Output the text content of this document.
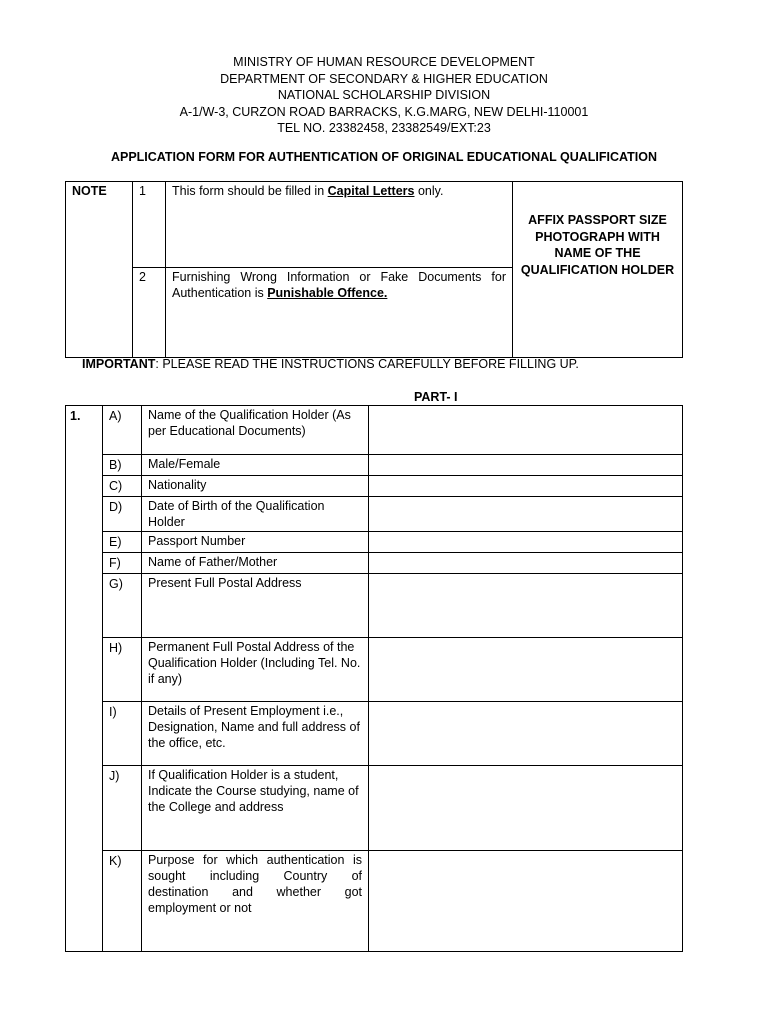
MINISTRY OF HUMAN RESOURCE DEVELOPMENT
DEPARTMENT OF SECONDARY & HIGHER EDUCATION
NATIONAL SCHOLARSHIP DIVISION
A-1/W-3, CURZON ROAD BARRACKS, K.G.MARG, NEW DELHI-110001
TEL NO. 23382458, 23382549/EXT:23
APPLICATION FORM FOR AUTHENTICATION OF ORIGINAL EDUCATIONAL QUALIFICATION
NOTE	1	This form should be filled in Capital Letters only.	AFFIX PASSPORT SIZE PHOTOGRAPH WITH NAME OF THE QUALIFICATION HOLDER
	2	Furnishing Wrong Information or Fake Documents for Authentication is Punishable Offence.	
IMPORTANT: PLEASE READ THE INSTRUCTIONS CAREFULLY BEFORE FILLING UP.
PART- I
1.	A)	Name of the Qualification Holder (As per Educational Documents)	
	B)	Male/Female	
	C)	Nationality	
	D)	Date of Birth of the Qualification Holder	
	E)	Passport Number	
	F)	Name of Father/Mother	
	G)	Present Full Postal Address	
	H)	Permanent Full Postal Address of the Qualification Holder (Including Tel. No. if any)	
	I)	Details of Present Employment i.e., Designation, Name and full address of the office, etc.	
	J)	If Qualification Holder is a student, Indicate the Course studying, name of the College and address	
	K)	Purpose for which authentication is sought including Country of destination and whether got employment or not	
